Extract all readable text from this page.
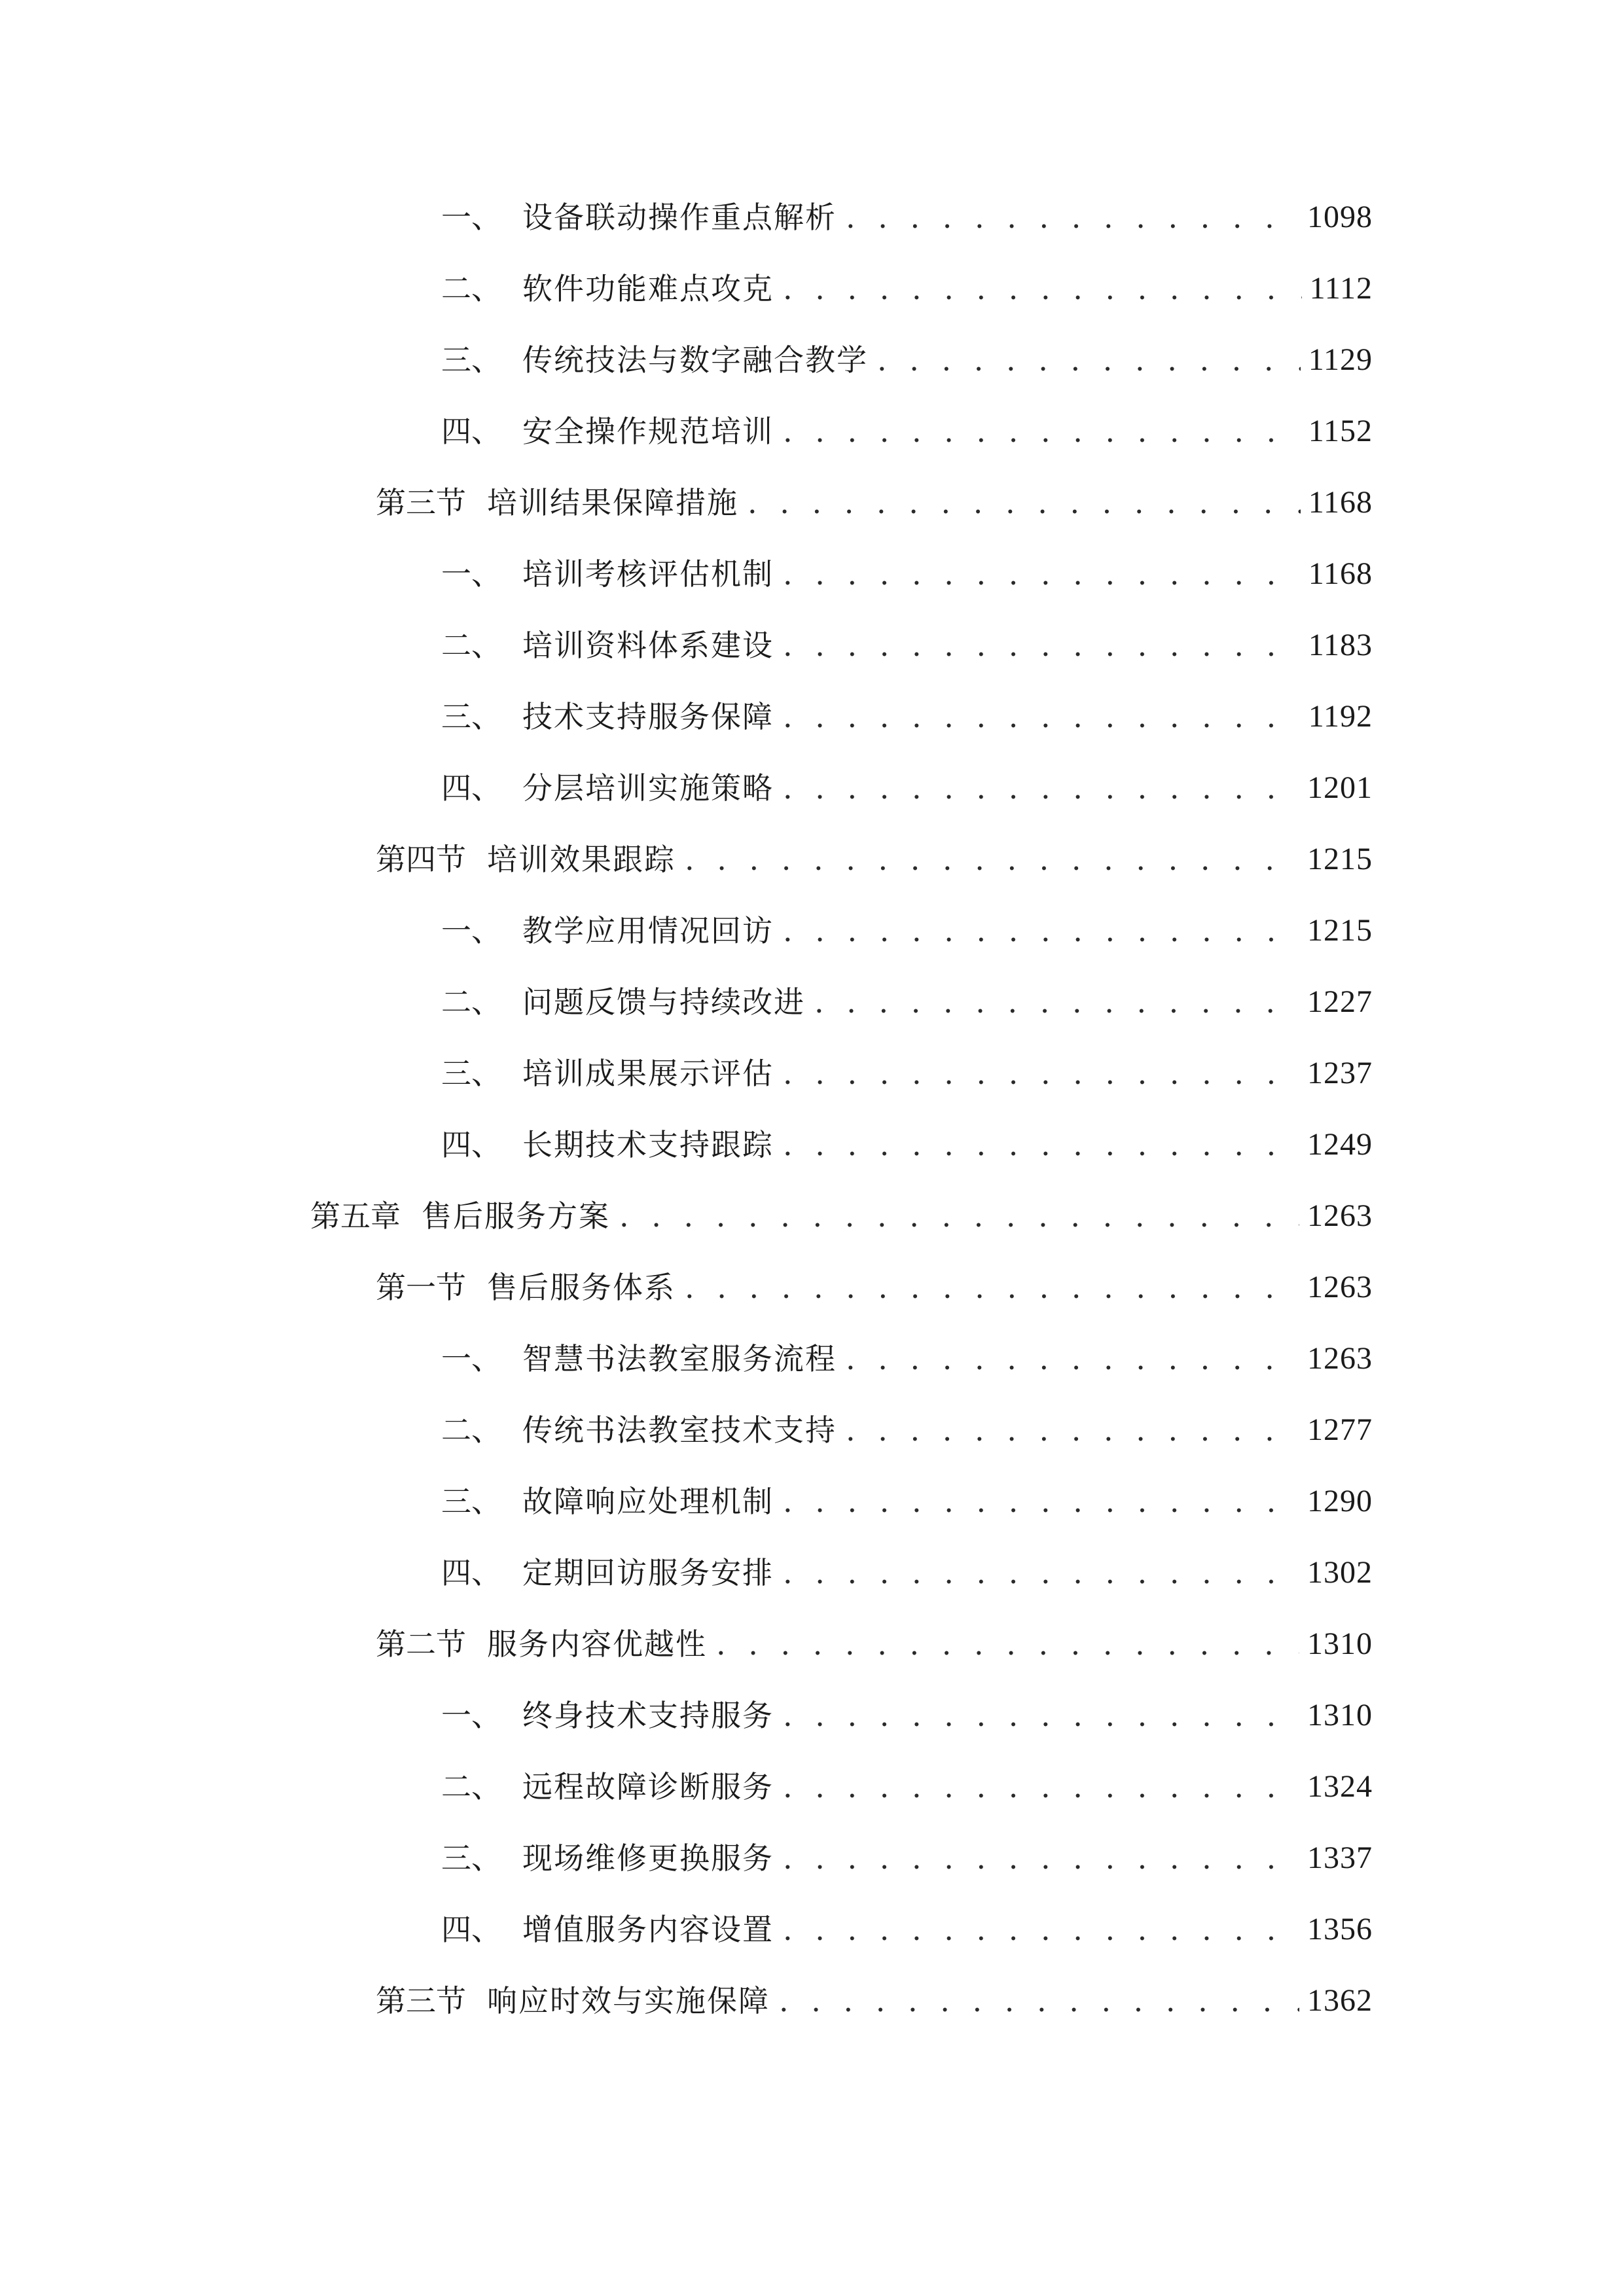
一、 设备联动操作重点解析 . . .	1098
二、 软件功能难点攻克 . . .	1112
三、 传统技法与数字融合教学 . . .	1129
四、 安全操作规范培训 . . .	1152
第三节 培训结果保障措施 . . .	1168
一、 培训考核评估机制 . . .	1168
二、 培训资料体系建设 . . .	1183
三、 技术支持服务保障 . . .	1192
四、 分层培训实施策略 . . .	1201
第四节 培训效果跟踪 . . .	1215
一、 教学应用情况回访 . . .	1215
二、 问题反馈与持续改进 . . .	1227
三、 培训成果展示评估 . . .	1237
四、 长期技术支持跟踪 . . .	1249
第五章 售后服务方案 . . .	1263
第一节 售后服务体系 . . .	1263
一、 智慧书法教室服务流程 . . .	1263
二、 传统书法教室技术支持 . . .	1277
三、 故障响应处理机制 . . .	1290
四、 定期回访服务安排 . . .	1302
第二节 服务内容优越性 . . .	1310
一、 终身技术支持服务 . . .	1310
二、 远程故障诊断服务 . . .	1324
三、 现场维修更换服务 . . .	1337
四、 增值服务内容设置 . . .	1356
第三节 响应时效与实施保障 . . .	1362
